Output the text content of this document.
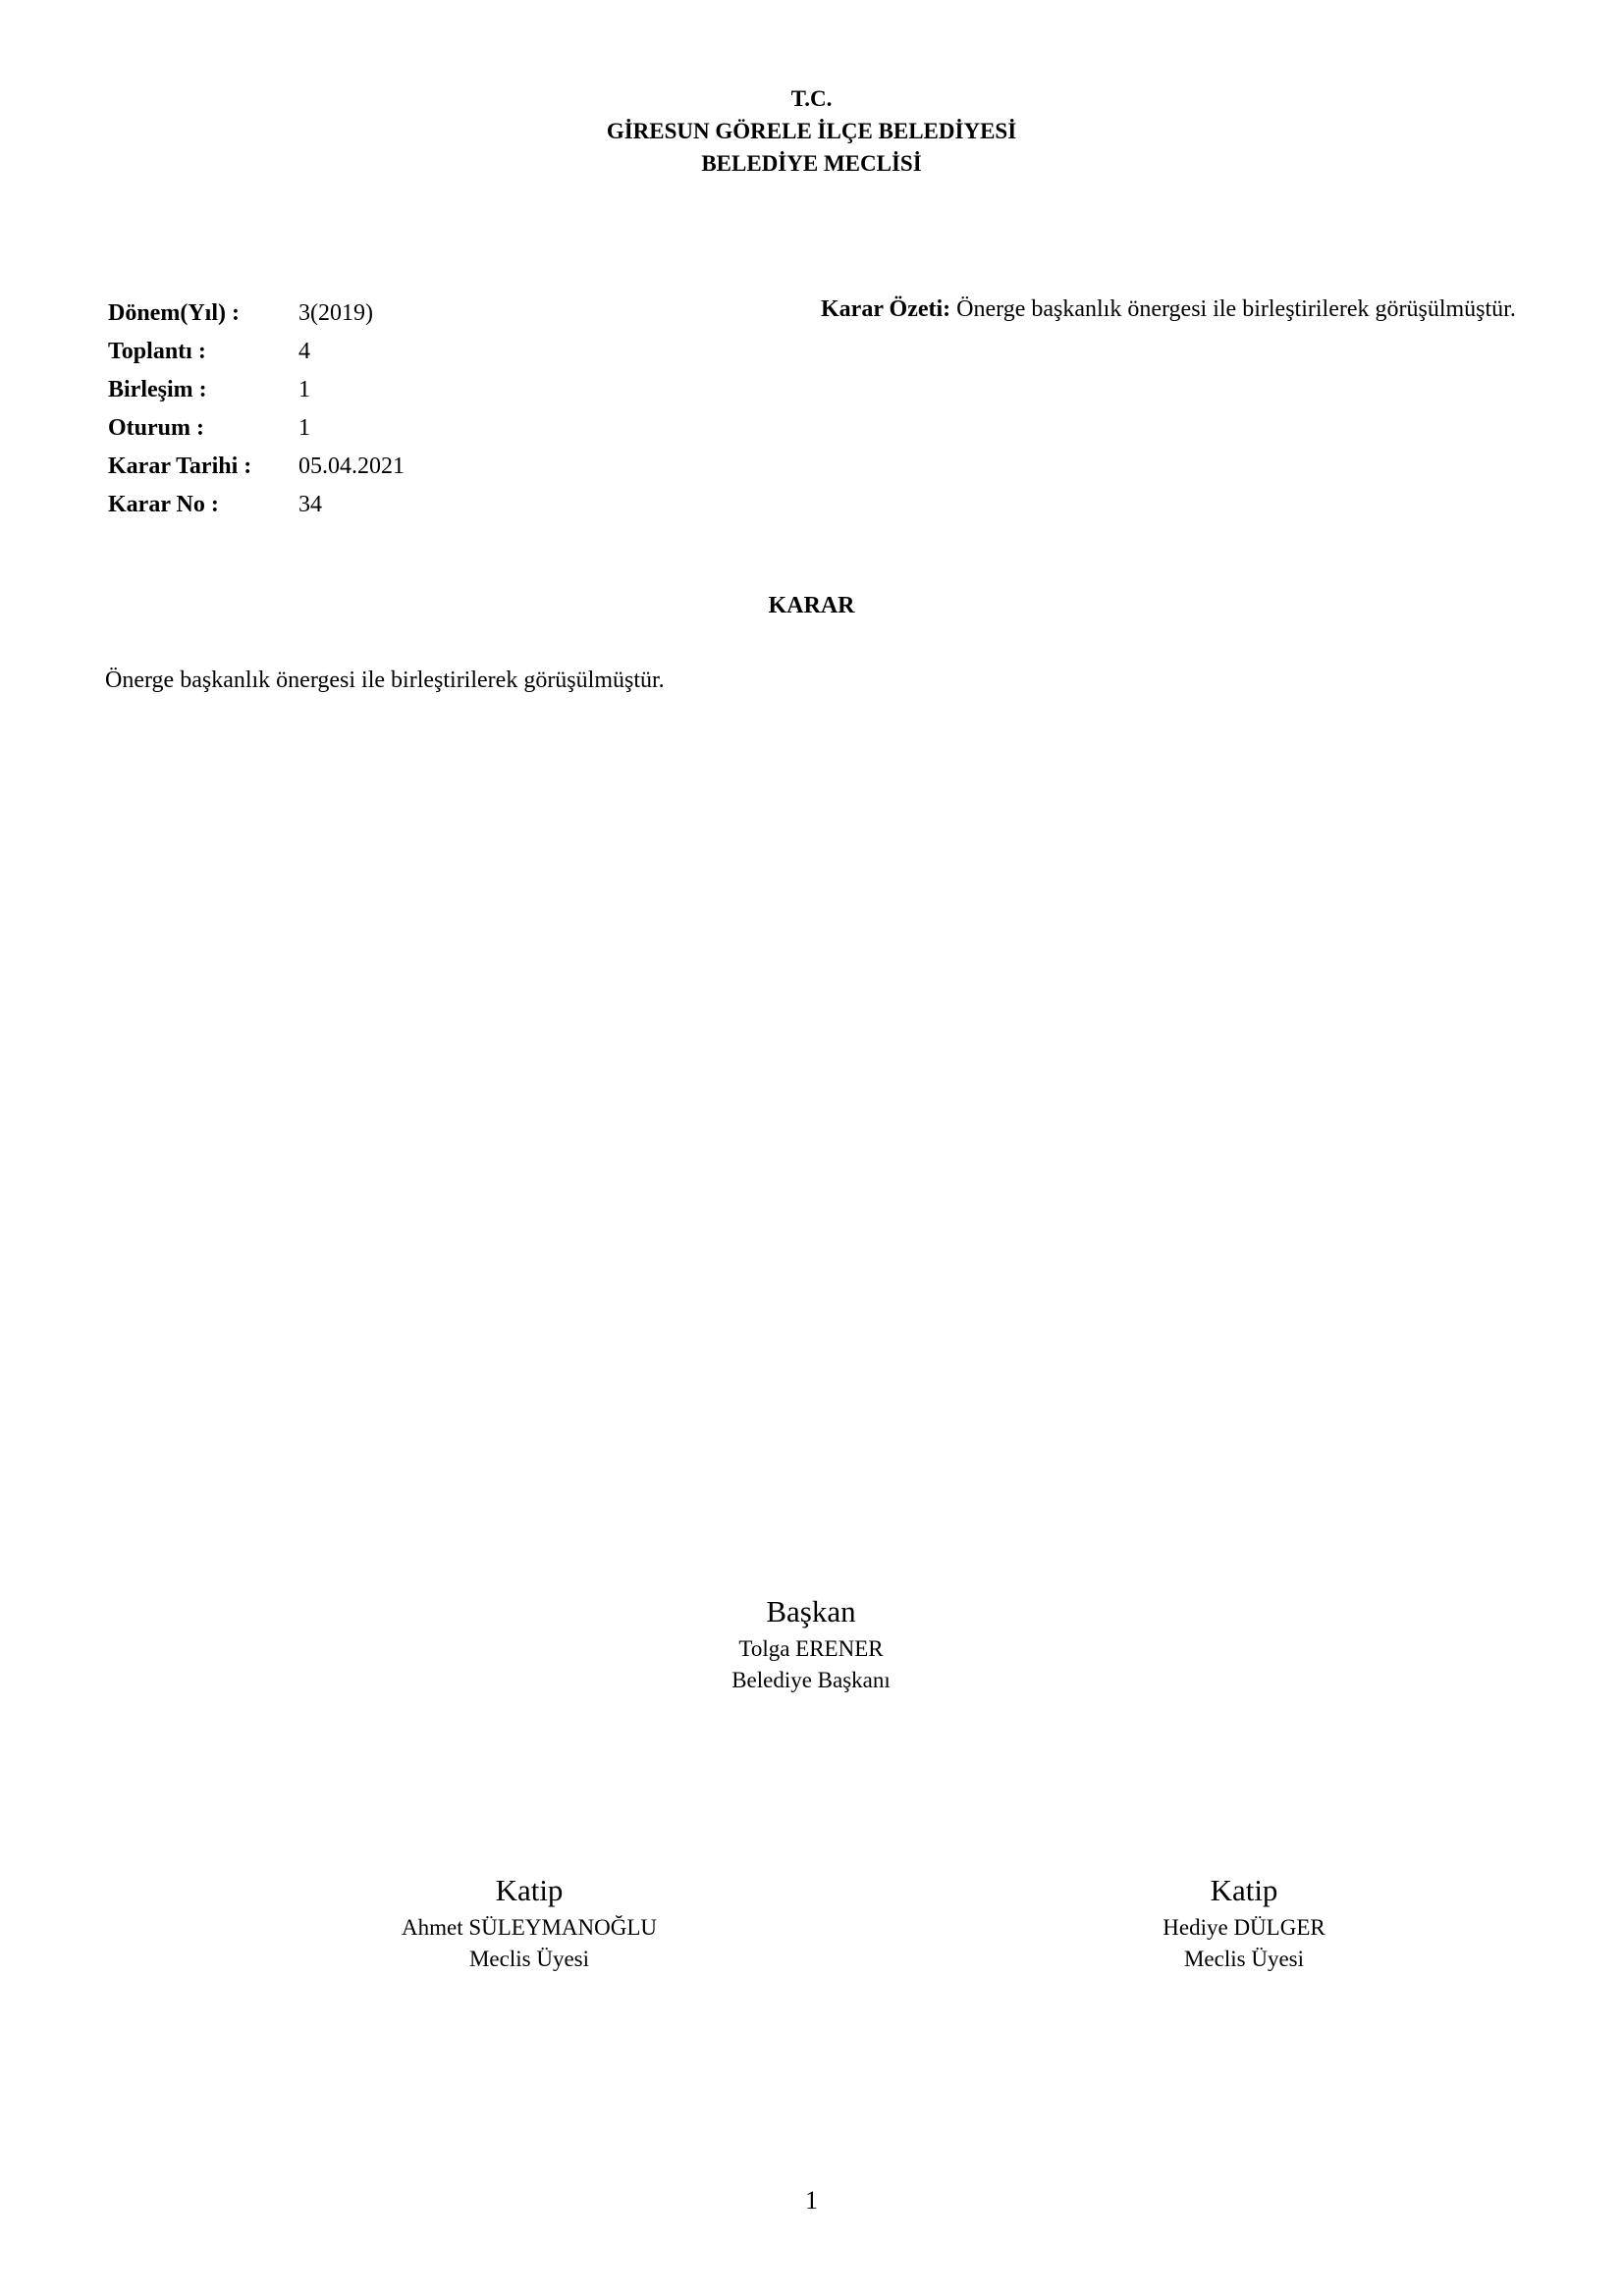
T.C.
GİRESUN GÖRELE İLÇE BELEDİYESİ
BELEDİYE MECLİSİ
Dönem(Yıl) :	3(2019)
Toplantı :	4
Birleşim :	1
Oturum :	1
Karar Tarihi :	05.04.2021
Karar No :	34
Karar Özeti: Önerge başkanlık önergesi ile birleştirilerek görüşülmüştür.
KARAR
Önerge başkanlık önergesi ile birleştirilerek görüşülmüştür.
Başkan
Tolga ERENER
Belediye Başkanı
Katip
Ahmet SÜLEYMANOĞLU
Meclis Üyesi
Katip
Hediye DÜLGER
Meclis Üyesi
1
